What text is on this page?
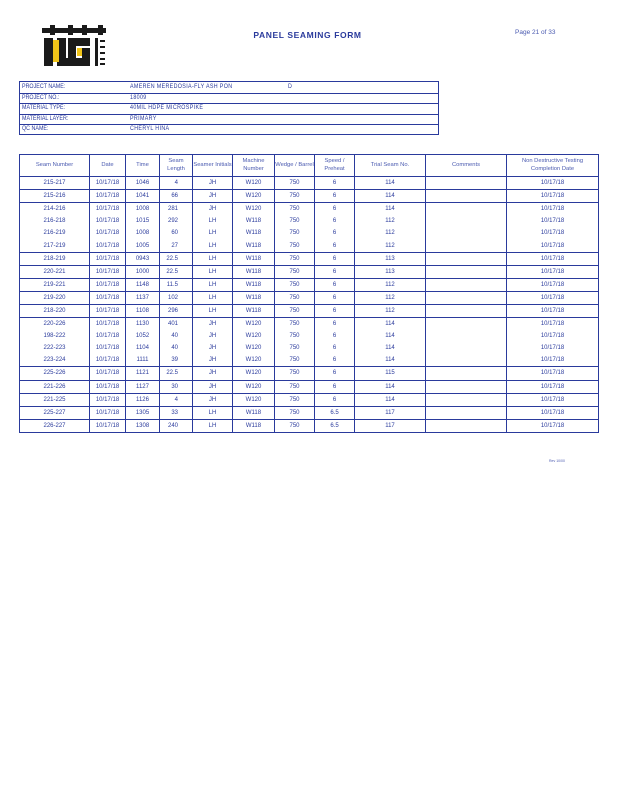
PANEL SEAMING FORM	Page 21 of 33
PROJECT NAME:	AMEREN MEREDOSIA-FLY ASH PON	D
PROJECT NO.:	18009
MATERIAL TYPE:	40MIL HDPE MICROSPIKE
MATERIAL LAYER:	PRIMARY
QC NAME:	CHERYL HINA
Seam Number	Date	Time	Seam Length	Seamer Initials	Machine Number	Wedge / Barrel	Speed / Preheat	Trial Seam No.	Comments	Non Destructive Testing Completion Date
215-217	10/17/18	1046	4	JH	W120	750	6	114		10/17/18
215-216	10/17/18	1041	66	JH	W120	750	6	114		10/17/18
214-216	10/17/18	1008	281	JH	W120	750	6	114		10/17/18
216-218	10/17/18	1015	292	LH	W118	750	6	112		10/17/18
216-219	10/17/18	1008	60	LH	W118	750	6	112		10/17/18
217-219	10/17/18	1005	27	LH	W118	750	6	112		10/17/18
218-219	10/17/18	0943	22.5	LH	W118	750	6	113		10/17/18
220-221	10/17/18	1000	22.5	LH	W118	750	6	113		10/17/18
219-221	10/17/18	1148	11.5	LH	W118	750	6	112		10/17/18
219-220	10/17/18	1137	102	LH	W118	750	6	112		10/17/18
218-220	10/17/18	1108	296	LH	W118	750	6	112		10/17/18
220-226	10/17/18	1130	401	JH	W120	750	6	114		10/17/18
198-222	10/17/18	1052	40	JH	W120	750	6	114		10/17/18
222-223	10/17/18	1104	40	JH	W120	750	6	114		10/17/18
223-224	10/17/18	1111	39	JH	W120	750	6	114		10/17/18
225-226	10/17/18	1121	22.5	JH	W120	750	6	115		10/17/18
221-226	10/17/18	1127	30	JH	W120	750	6	114		10/17/18
221-225	10/17/18	1126	4	JH	W120	750	6	114		10/17/18
225-227	10/17/18	1305	33	LH	W118	750	6.5	117		10/17/18
226-227	10/17/18	1308	240	LH	W118	750	6.5	117		10/17/18
Rev 10/00
